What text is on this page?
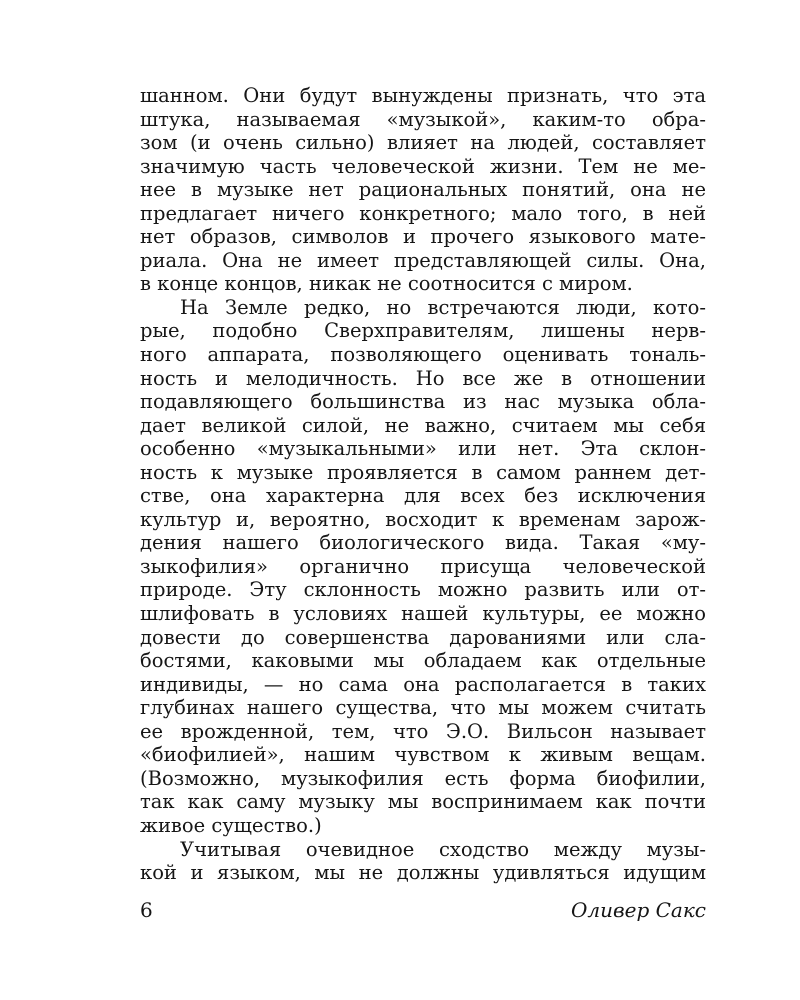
шанном. Они будут вынуждены признать, что эта
штука, называемая «музыкой», каким-то обра-
зом (и очень сильно) влияет на людей, составляет
значимую часть человеческой жизни. Тем не ме-
нее в музыке нет рациональных понятий, она не
предлагает ничего конкретного; мало того, в ней
нет образов, символов и прочего языкового мате-
риала. Она не имеет представляющей силы. Она,
в конце концов, никак не соотносится с миром.
На Земле редко, но встречаются люди, кото-
рые, подобно Сверхправителям, лишены нерв-
ного аппарата, позволяющего оценивать тональ-
ность и мелодичность. Но все же в отношении
подавляющего большинства из нас музыка обла-
дает великой силой, не важно, считаем мы себя
особенно «музыкальными» или нет. Эта склон-
ность к музыке проявляется в самом раннем дет-
стве, она характерна для всех без исключения
культур и, вероятно, восходит к временам зарож-
дения нашего биологического вида. Такая «му-
зыкофилия» органично присуща человеческой
природе. Эту склонность можно развить или от-
шлифовать в условиях нашей культуры, ее можно
довести до совершенства дарованиями или сла-
бостями, каковыми мы обладаем как отдельные
индивиды, — но сама она располагается в таких
глубинах нашего существа, что мы можем считать
ее врожденной, тем, что Э.О. Вильсон называет
«биофилией», нашим чувством к живым вещам.
(Возможно, музыкофилия есть форма биофилии,
так как саму музыку мы воспринимаем как почти
живое существо.)
Учитывая очевидное сходство между музы-
кой и языком, мы не должны удивляться идущим
6	Оливер Сакс
